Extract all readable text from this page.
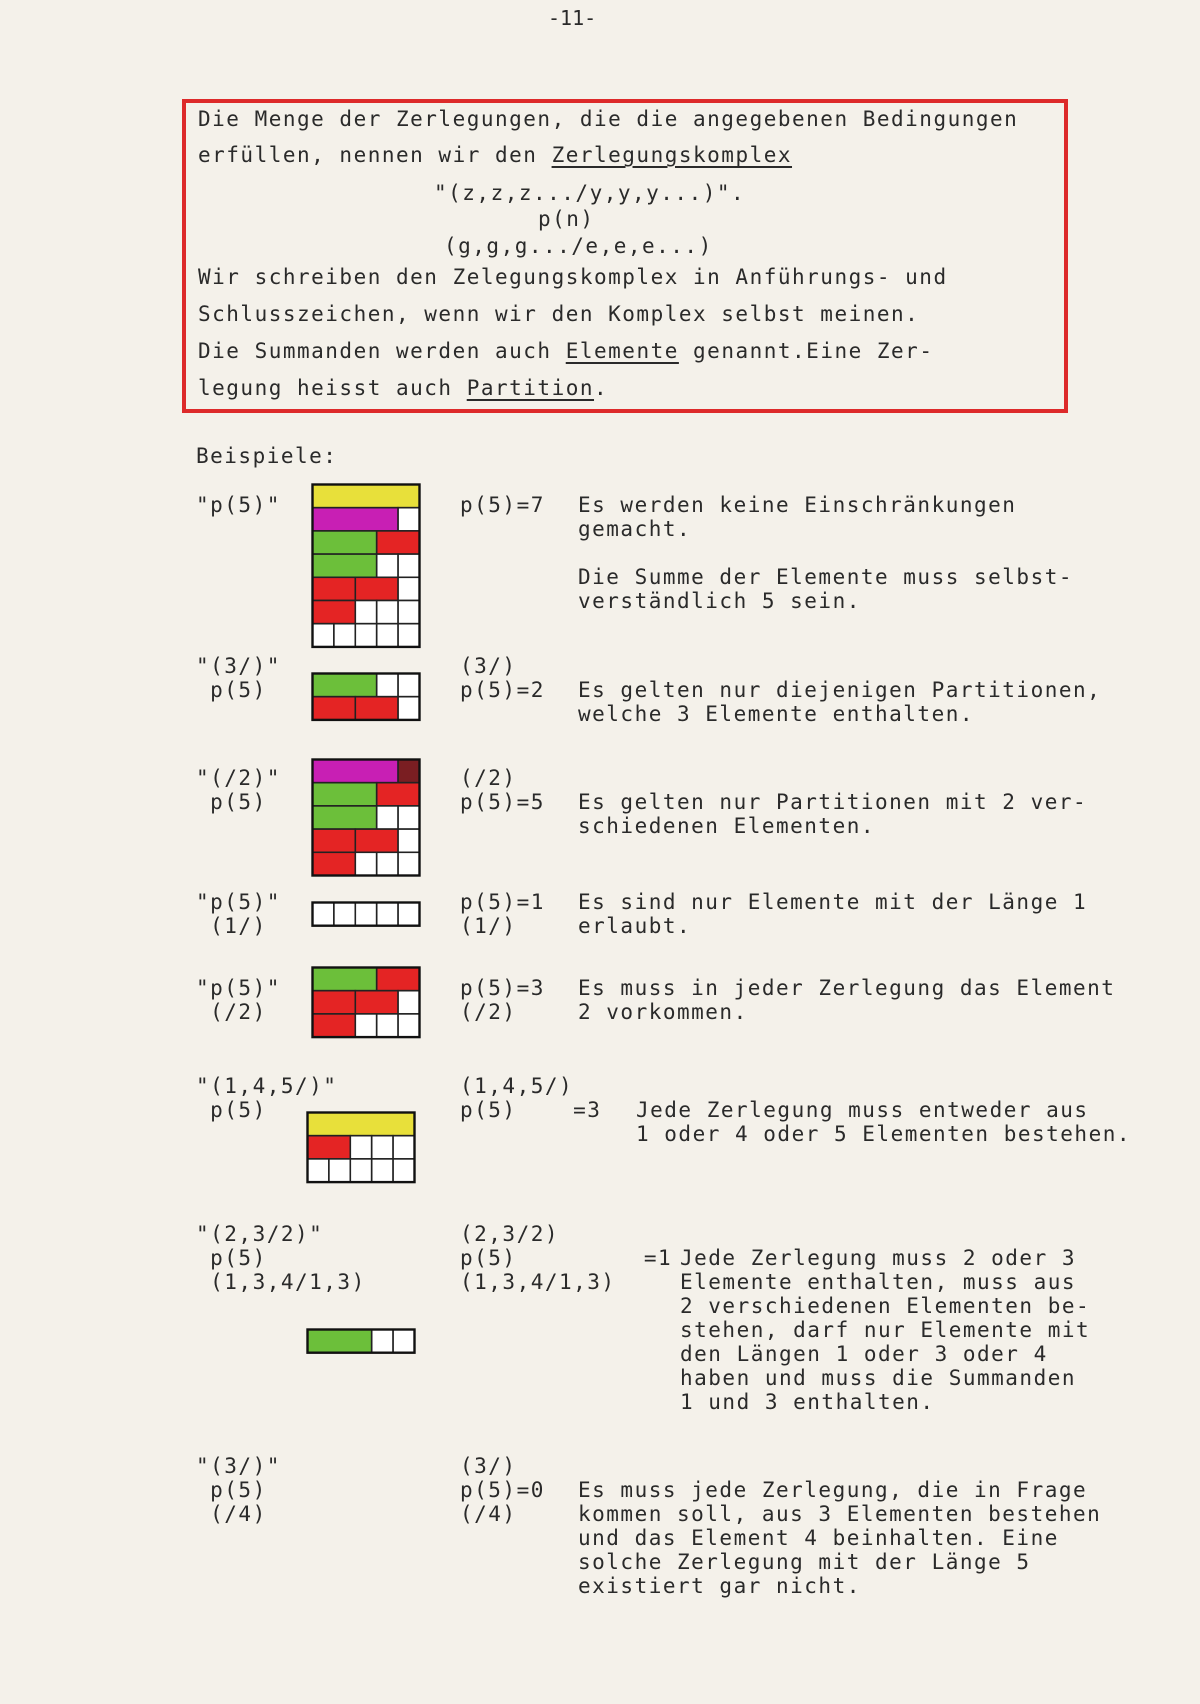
-11-
Die Menge der Zerlegungen, die die angegebenen Bedingungen
erfüllen, nennen wir den Zerlegungskomplex
"(z,z,z.../y,y,y...)".
p(n)
(g,g,g.../e,e,e...)
Wir schreiben den Zelegungskomplex in Anführungs- und
Schlusszeichen, wenn wir den Komplex selbst meinen.
Die Summanden werden auch Elemente genannt.Eine Zer-
legung heisst auch Partition.
Beispiele:
"p(5)"	p(5)=7 Es werden keine Einschränkungen
gemacht.
Die Summe der Elemente muss selbst-
verständlich 5 sein.
"(3/)"
p(5)
(3/)
p(5)=2 Es gelten nur diejenigen Partitionen,
welche 3 Elemente enthalten.
"(/2)"
p(5)
(/2)
p(5)=5 Es gelten nur Partitionen mit 2 ver-
schiedenen Elementen.
"p(5)"
(1/)
p(5)=1
(1/)
Es sind nur Elemente mit der Länge 1
erlaubt.
"p(5)"
(/2)
p(5)=3
(/2)
Es muss in jeder Zerlegung das Element
2 vorkommen.
"(1,4,5/)"
p(5)
(1,4,5/)
p(5)    =3 Jede Zerlegung muss entweder aus
1 oder 4 oder 5 Elementen bestehen.
"(2,3/2)"
p(5)
(1,3,4/1,3)
(2,3/2)
p(5)         =1
(1,3,4/1,3)
Jede Zerlegung muss 2 oder 3
Elemente enthalten, muss aus
2 verschiedenen Elementen be-
stehen, darf nur Elemente mit
den Längen 1 oder 3 oder 4
haben und muss die Summanden
1 und 3 enthalten.
"(3/)"
p(5)
(/4)
(3/)
p(5)=0
(/4)
Es muss jede Zerlegung, die in Frage
kommen soll, aus 3 Elementen bestehen
und das Element 4 beinhalten. Eine
solche Zerlegung mit der Länge 5
existiert gar nicht.
